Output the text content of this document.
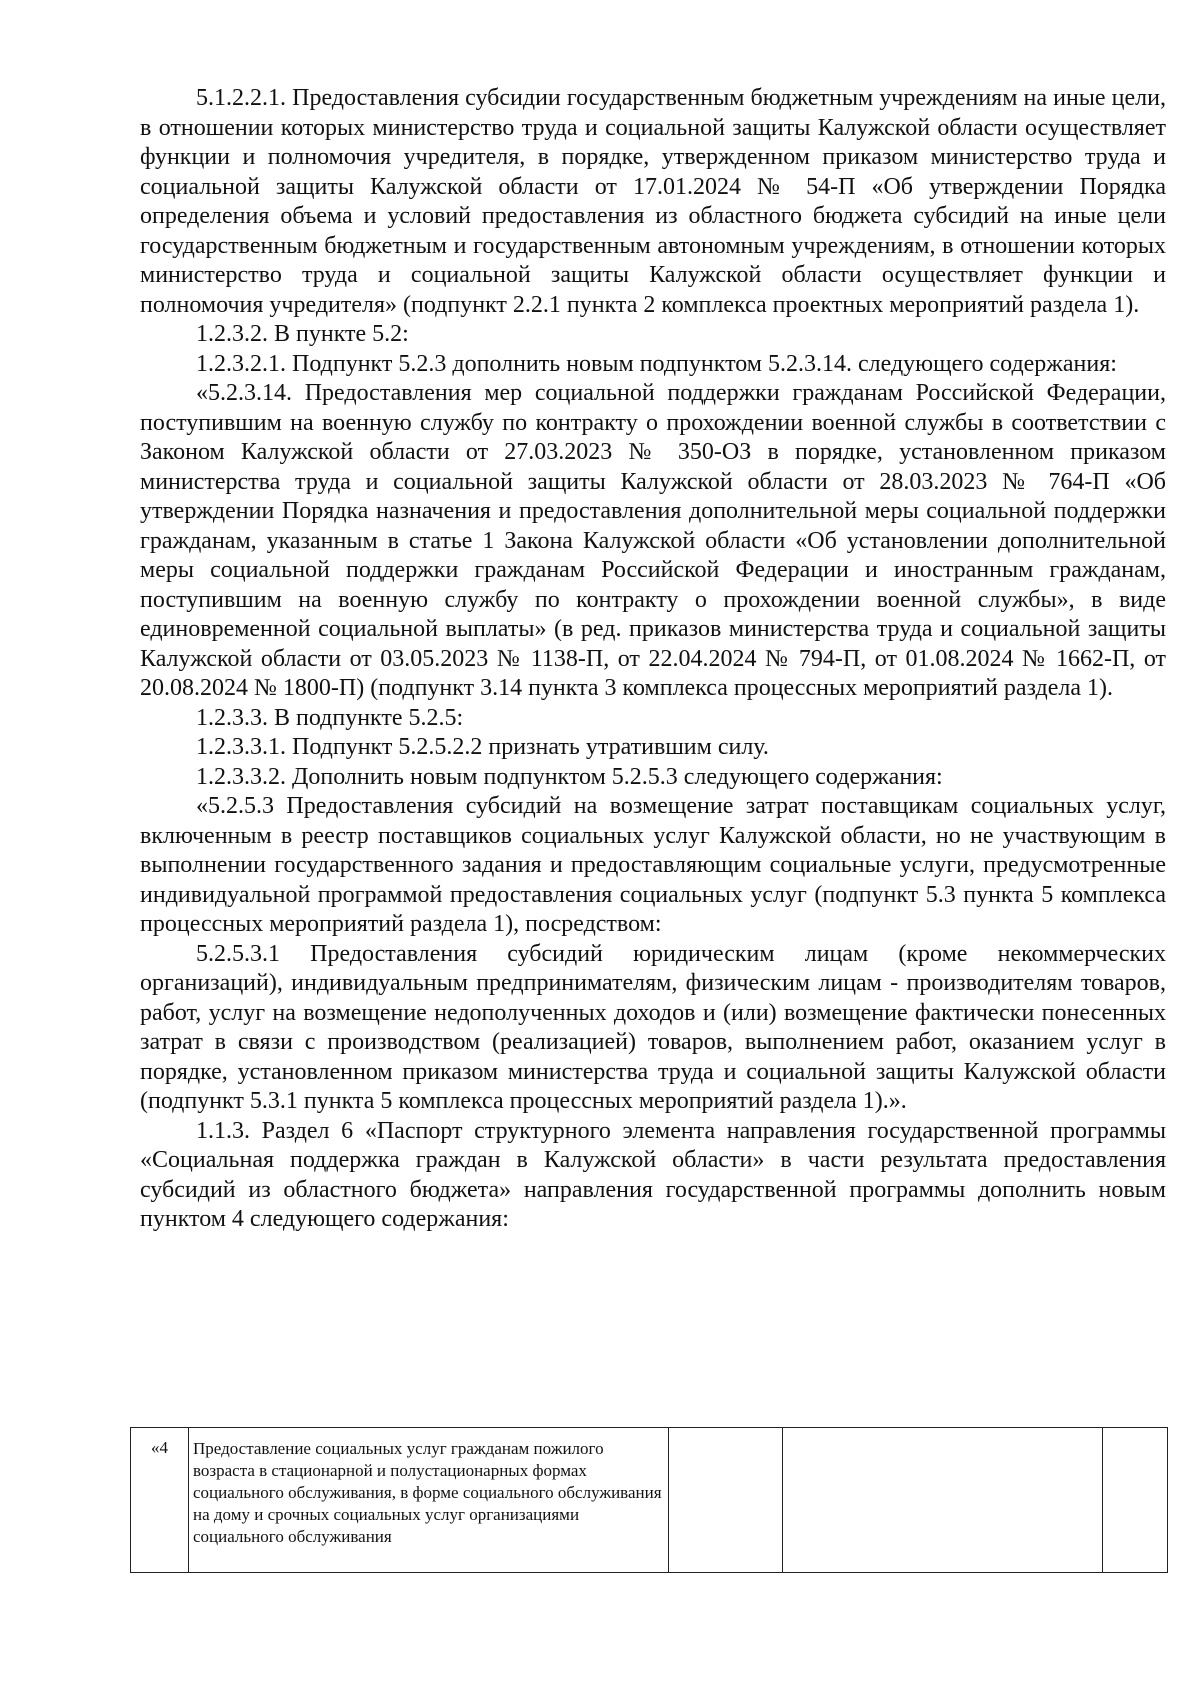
5.1.2.2.1. Предоставления субсидии государственным бюджетным учреждениям на иные цели, в отношении которых министерство труда и социальной защиты Калужской области осуществляет функции и полномочия учредителя, в порядке, утвержденном приказом министерство труда и социальной защиты Калужской области от 17.01.2024 № 54-П «Об утверждении Порядка определения объема и условий предоставления из областного бюджета субсидий на иные цели государственным бюджетным и государственным автономным учреждениям, в отношении которых министерство труда и социальной защиты Калужской области осуществляет функции и полномочия учредителя» (подпункт 2.2.1 пункта 2 комплекса проектных мероприятий раздела 1).

1.2.3.2. В пункте 5.2:

1.2.3.2.1. Подпункт 5.2.3 дополнить новым подпунктом 5.2.3.14. следующего содержания:

«5.2.3.14. Предоставления мер социальной поддержки гражданам Российской Федерации, поступившим на военную службу по контракту о прохождении военной службы в соответствии с Законом Калужской области от 27.03.2023 № 350-ОЗ в порядке, установленном приказом министерства труда и социальной защиты Калужской области от 28.03.2023 № 764-П «Об утверждении Порядка назначения и предоставления дополнительной меры социальной поддержки гражданам, указанным в статье 1 Закона Калужской области «Об установлении дополнительной меры социальной поддержки гражданам Российской Федерации и иностранным гражданам, поступившим на военную службу по контракту о прохождении военной службы», в виде единовременной социальной выплаты» (в ред. приказов министерства труда и социальной защиты Калужской области от 03.05.2023 № 1138-П, от 22.04.2024 № 794-П, от 01.08.2024 № 1662-П, от 20.08.2024 № 1800-П) (подпункт 3.14 пункта 3 комплекса процессных мероприятий раздела 1).

1.2.3.3. В подпункте 5.2.5:

1.2.3.3.1. Подпункт 5.2.5.2.2 признать утратившим силу.

1.2.3.3.2. Дополнить новым подпунктом 5.2.5.3 следующего содержания:

«5.2.5.3 Предоставления субсидий на возмещение затрат поставщикам социальных услуг, включенным в реестр поставщиков социальных услуг Калужской области, но не участвующим в выполнении государственного задания и предоставляющим социальные услуги, предусмотренные индивидуальной программой предоставления социальных услуг (подпункт 5.3 пункта 5 комплекса процессных мероприятий раздела 1), посредством:

5.2.5.3.1 Предоставления субсидий юридическим лицам (кроме некоммерческих организаций), индивидуальным предпринимателям, физическим лицам - производителям товаров, работ, услуг на возмещение недополученных доходов и (или) возмещение фактически понесенных затрат в связи с производством (реализацией) товаров, выполнением работ, оказанием услуг в порядке, установленном приказом министерства труда и социальной защиты Калужской области (подпункт 5.3.1 пункта 5 комплекса процессных мероприятий раздела 1).».

1.1.3. Раздел 6 «Паспорт структурного элемента направления государственной программы «Социальная поддержка граждан в Калужской области» в части результата предоставления субсидий из областного бюджета» направления государственной программы дополнить новым пунктом 4 следующего содержания:

«4	Предоставление социальных услуг гражданам пожилого возраста в стационарной и полустационарных формах социального обслуживания, в форме социального обслуживания на дому и срочных социальных услуг организациями социального обслуживания			
